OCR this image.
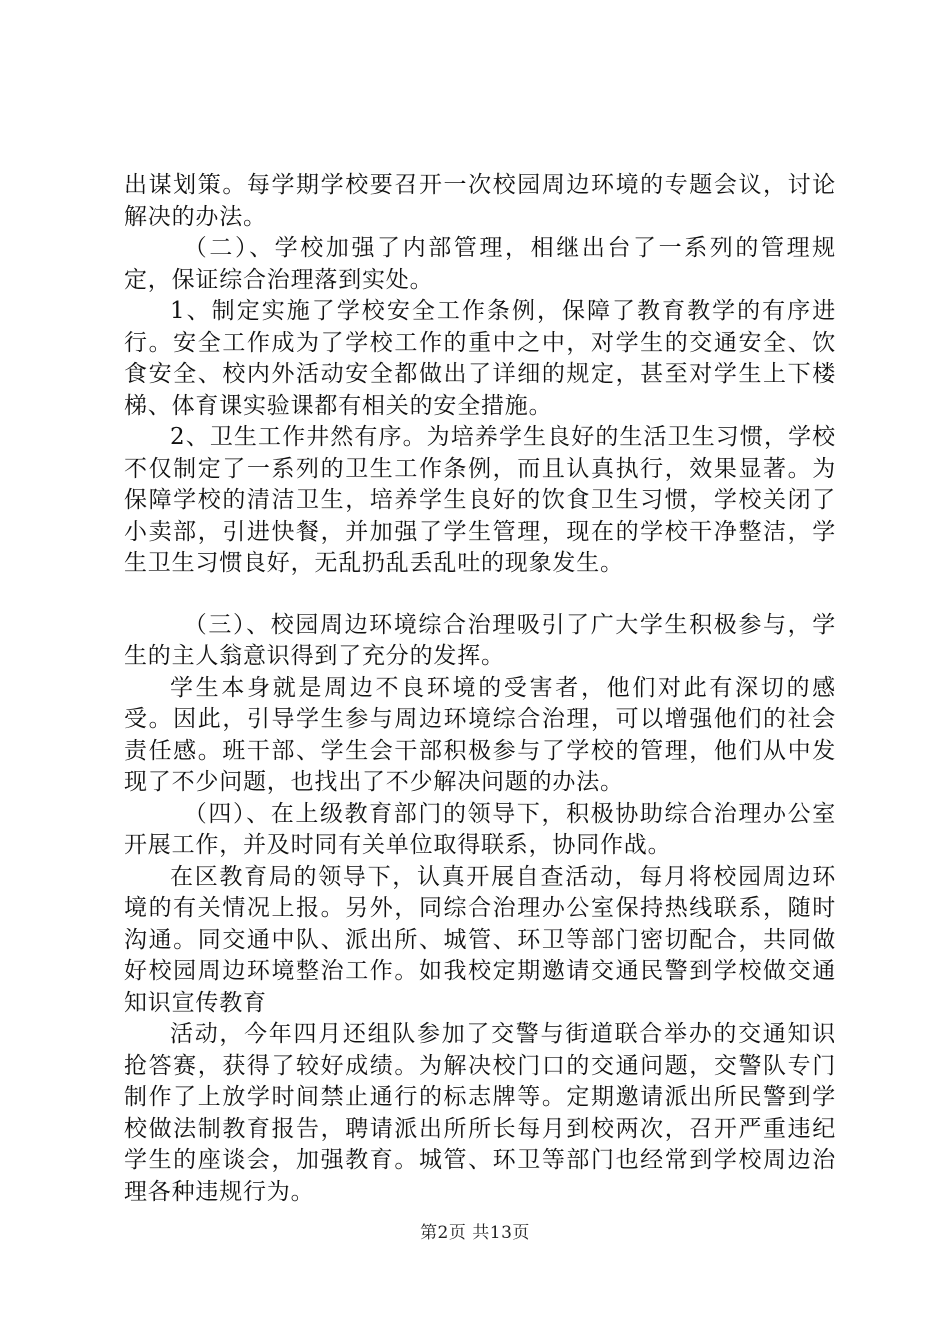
出谋划策。每学期学校要召开一次校园周边环境的专题会议，讨论解决的办法。

（二）、学校加强了内部管理，相继出台了一系列的管理规定，保证综合治理落到实处。

1、制定实施了学校安全工作条例，保障了教育教学的有序进行。安全工作成为了学校工作的重中之中，对学生的交通安全、饮食安全、校内外活动安全都做出了详细的规定，甚至对学生上下楼梯、体育课实验课都有相关的安全措施。

2、卫生工作井然有序。为培养学生良好的生活卫生习惯，学校不仅制定了一系列的卫生工作条例，而且认真执行，效果显著。为保障学校的清洁卫生，培养学生良好的饮食卫生习惯，学校关闭了小卖部，引进快餐，并加强了学生管理，现在的学校干净整洁，学生卫生习惯良好，无乱扔乱丢乱吐的现象发生。

（三）、校园周边环境综合治理吸引了广大学生积极参与，学生的主人翁意识得到了充分的发挥。

学生本身就是周边不良环境的受害者，他们对此有深切的感受。因此，引导学生参与周边环境综合治理，可以增强他们的社会责任感。班干部、学生会干部积极参与了学校的管理，他们从中发现了不少问题，也找出了不少解决问题的办法。

（四）、在上级教育部门的领导下，积极协助综合治理办公室开展工作，并及时同有关单位取得联系，协同作战。

在区教育局的领导下，认真开展自查活动，每月将校园周边环境的有关情况上报。另外，同综合治理办公室保持热线联系，随时沟通。同交通中队、派出所、城管、环卫等部门密切配合，共同做好校园周边环境整治工作。如我校定期邀请交通民警到学校做交通知识宣传教育

活动，今年四月还组队参加了交警与街道联合举办的交通知识抢答赛，获得了较好成绩。为解决校门口的交通问题，交警队专门制作了上放学时间禁止通行的标志牌等。定期邀请派出所民警到学校做法制教育报告，聘请派出所所长每月到校两次，召开严重违纪学生的座谈会，加强教育。城管、环卫等部门也经常到学校周边治理各种违规行为。

第2页 共13页
